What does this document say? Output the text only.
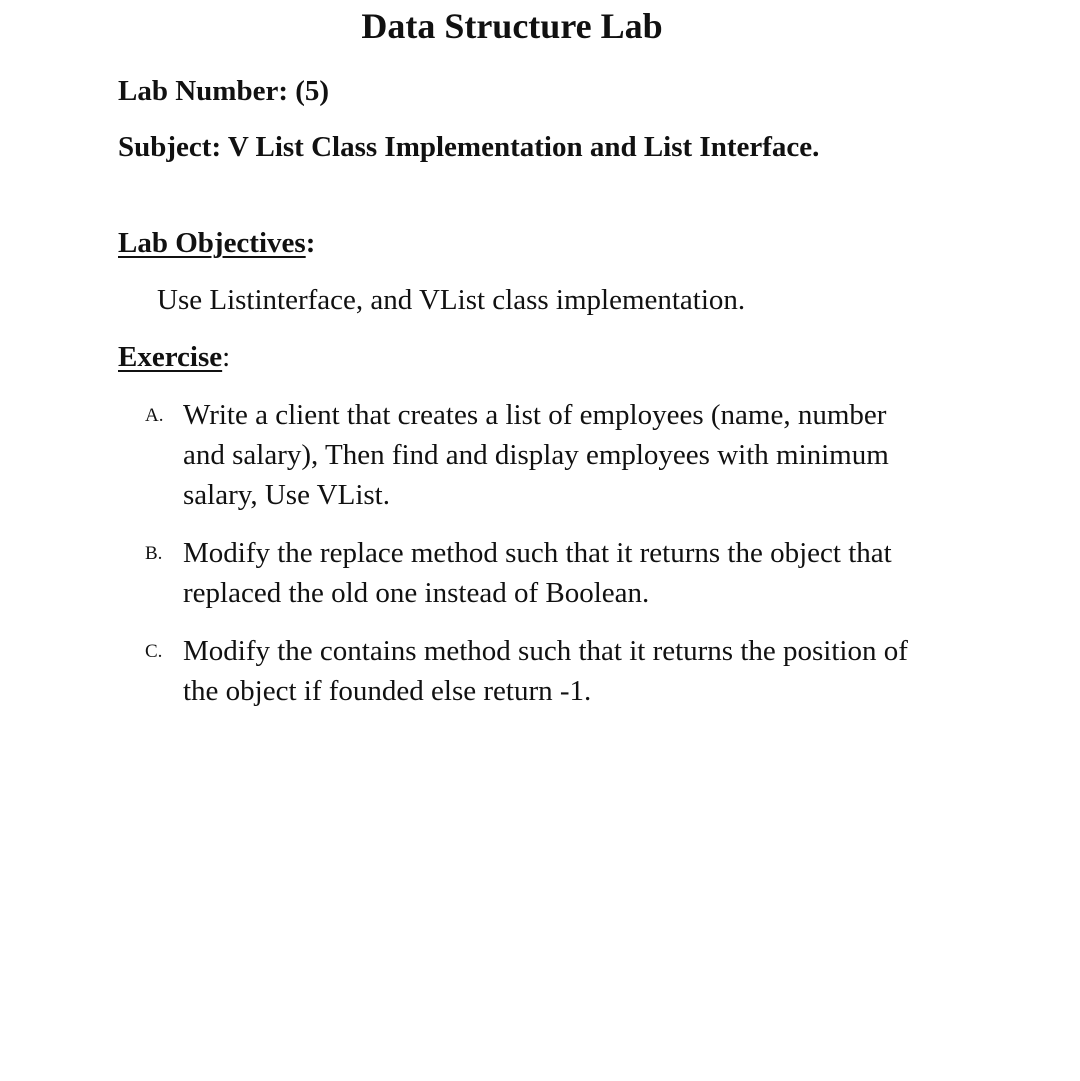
Data Structure Lab

Lab Number: (5)

Subject: V List Class Implementation and List Interface.

Lab Objectives:

Use Listinterface, and VList class implementation.

Exercise:

A. Write a client that creates a list of employees (name, number and salary), Then find and display employees with minimum salary, Use VList.
B. Modify the replace method such that it returns the object that replaced the old one instead of Boolean.
C. Modify the contains method such that it returns the position of the object if founded else return -1.
